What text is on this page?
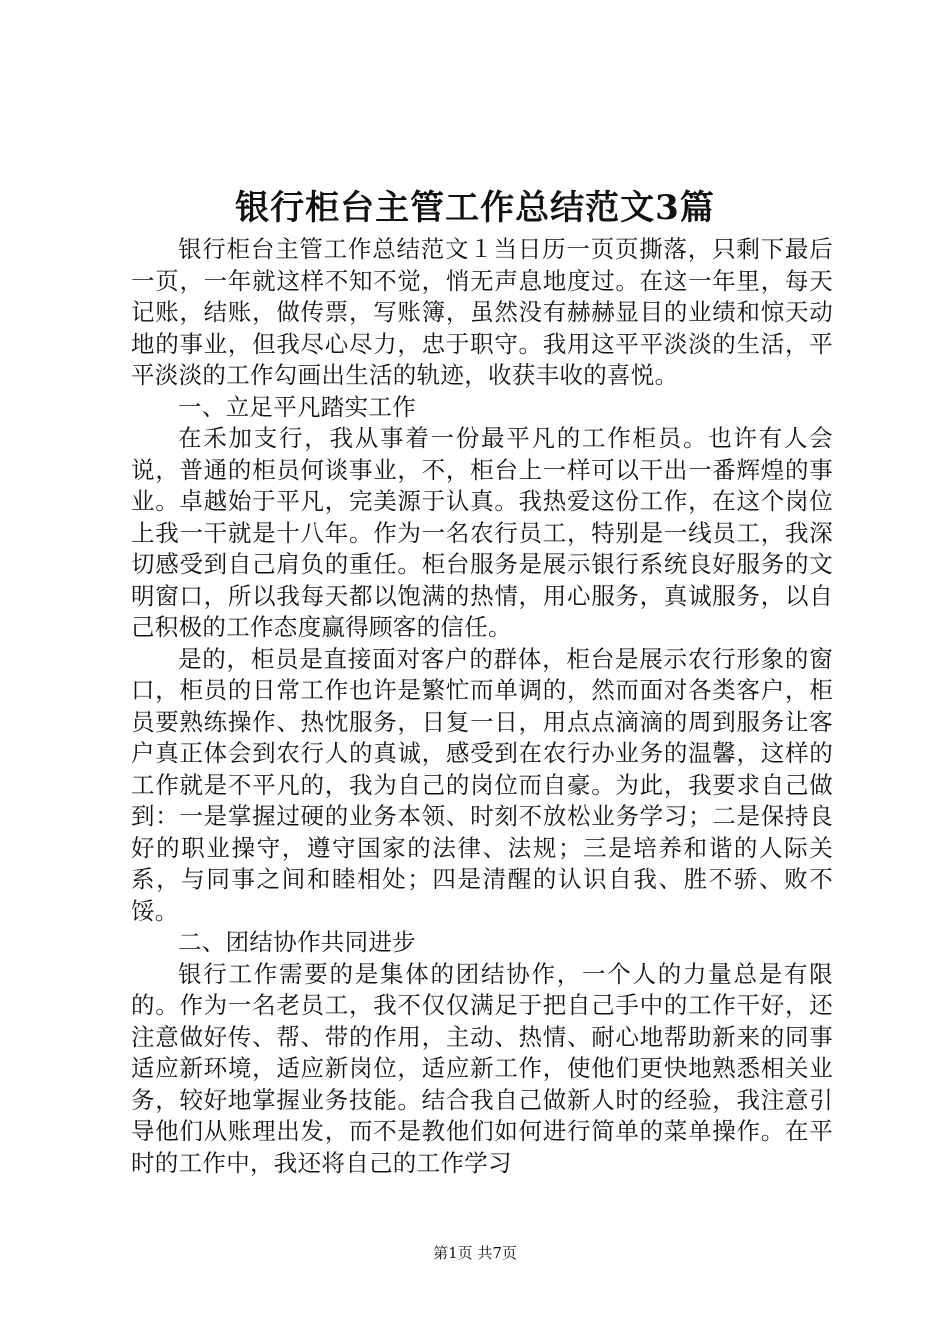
银行柜台主管工作总结范文3篇

银行柜台主管工作总结范文１当日历一页页撕落，只剩下最后一页，一年就这样不知不觉，悄无声息地度过。在这一年里，每天记账，结账，做传票，写账簿，虽然没有赫赫显目的业绩和惊天动地的事业，但我尽心尽力，忠于职守。我用这平平淡淡的生活，平平淡淡的工作勾画出生活的轨迹，收获丰收的喜悦。

一、立足平凡踏实工作

在禾加支行，我从事着一份最平凡的工作柜员。也许有人会说，普通的柜员何谈事业，不，柜台上一样可以干出一番辉煌的事业。卓越始于平凡，完美源于认真。我热爱这份工作，在这个岗位上我一干就是十八年。作为一名农行员工，特别是一线员工，我深切感受到自己肩负的重任。柜台服务是展示银行系统良好服务的文明窗口，所以我每天都以饱满的热情，用心服务，真诚服务，以自己积极的工作态度赢得顾客的信任。

是的，柜员是直接面对客户的群体，柜台是展示农行形象的窗口，柜员的日常工作也许是繁忙而单调的，然而面对各类客户，柜员要熟练操作、热忱服务，日复一日，用点点滴滴的周到服务让客户真正体会到农行人的真诚，感受到在农行办业务的温馨，这样的工作就是不平凡的，我为自己的岗位而自豪。为此，我要求自己做到：一是掌握过硬的业务本领、时刻不放松业务学习；二是保持良好的职业操守，遵守国家的法律、法规；三是培养和谐的人际关系，与同事之间和睦相处；四是清醒的认识自我、胜不骄、败不馁。

二、团结协作共同进步

银行工作需要的是集体的团结协作，一个人的力量总是有限的。作为一名老员工，我不仅仅满足于把自己手中的工作干好，还注意做好传、帮、带的作用，主动、热情、耐心地帮助新来的同事适应新环境，适应新岗位，适应新工作，使他们更快地熟悉相关业务，较好地掌握业务技能。结合我自己做新人时的经验，我注意引导他们从账理出发，而不是教他们如何进行简单的菜单操作。在平时的工作中，我还将自己的工作学习

第1页 共7页
